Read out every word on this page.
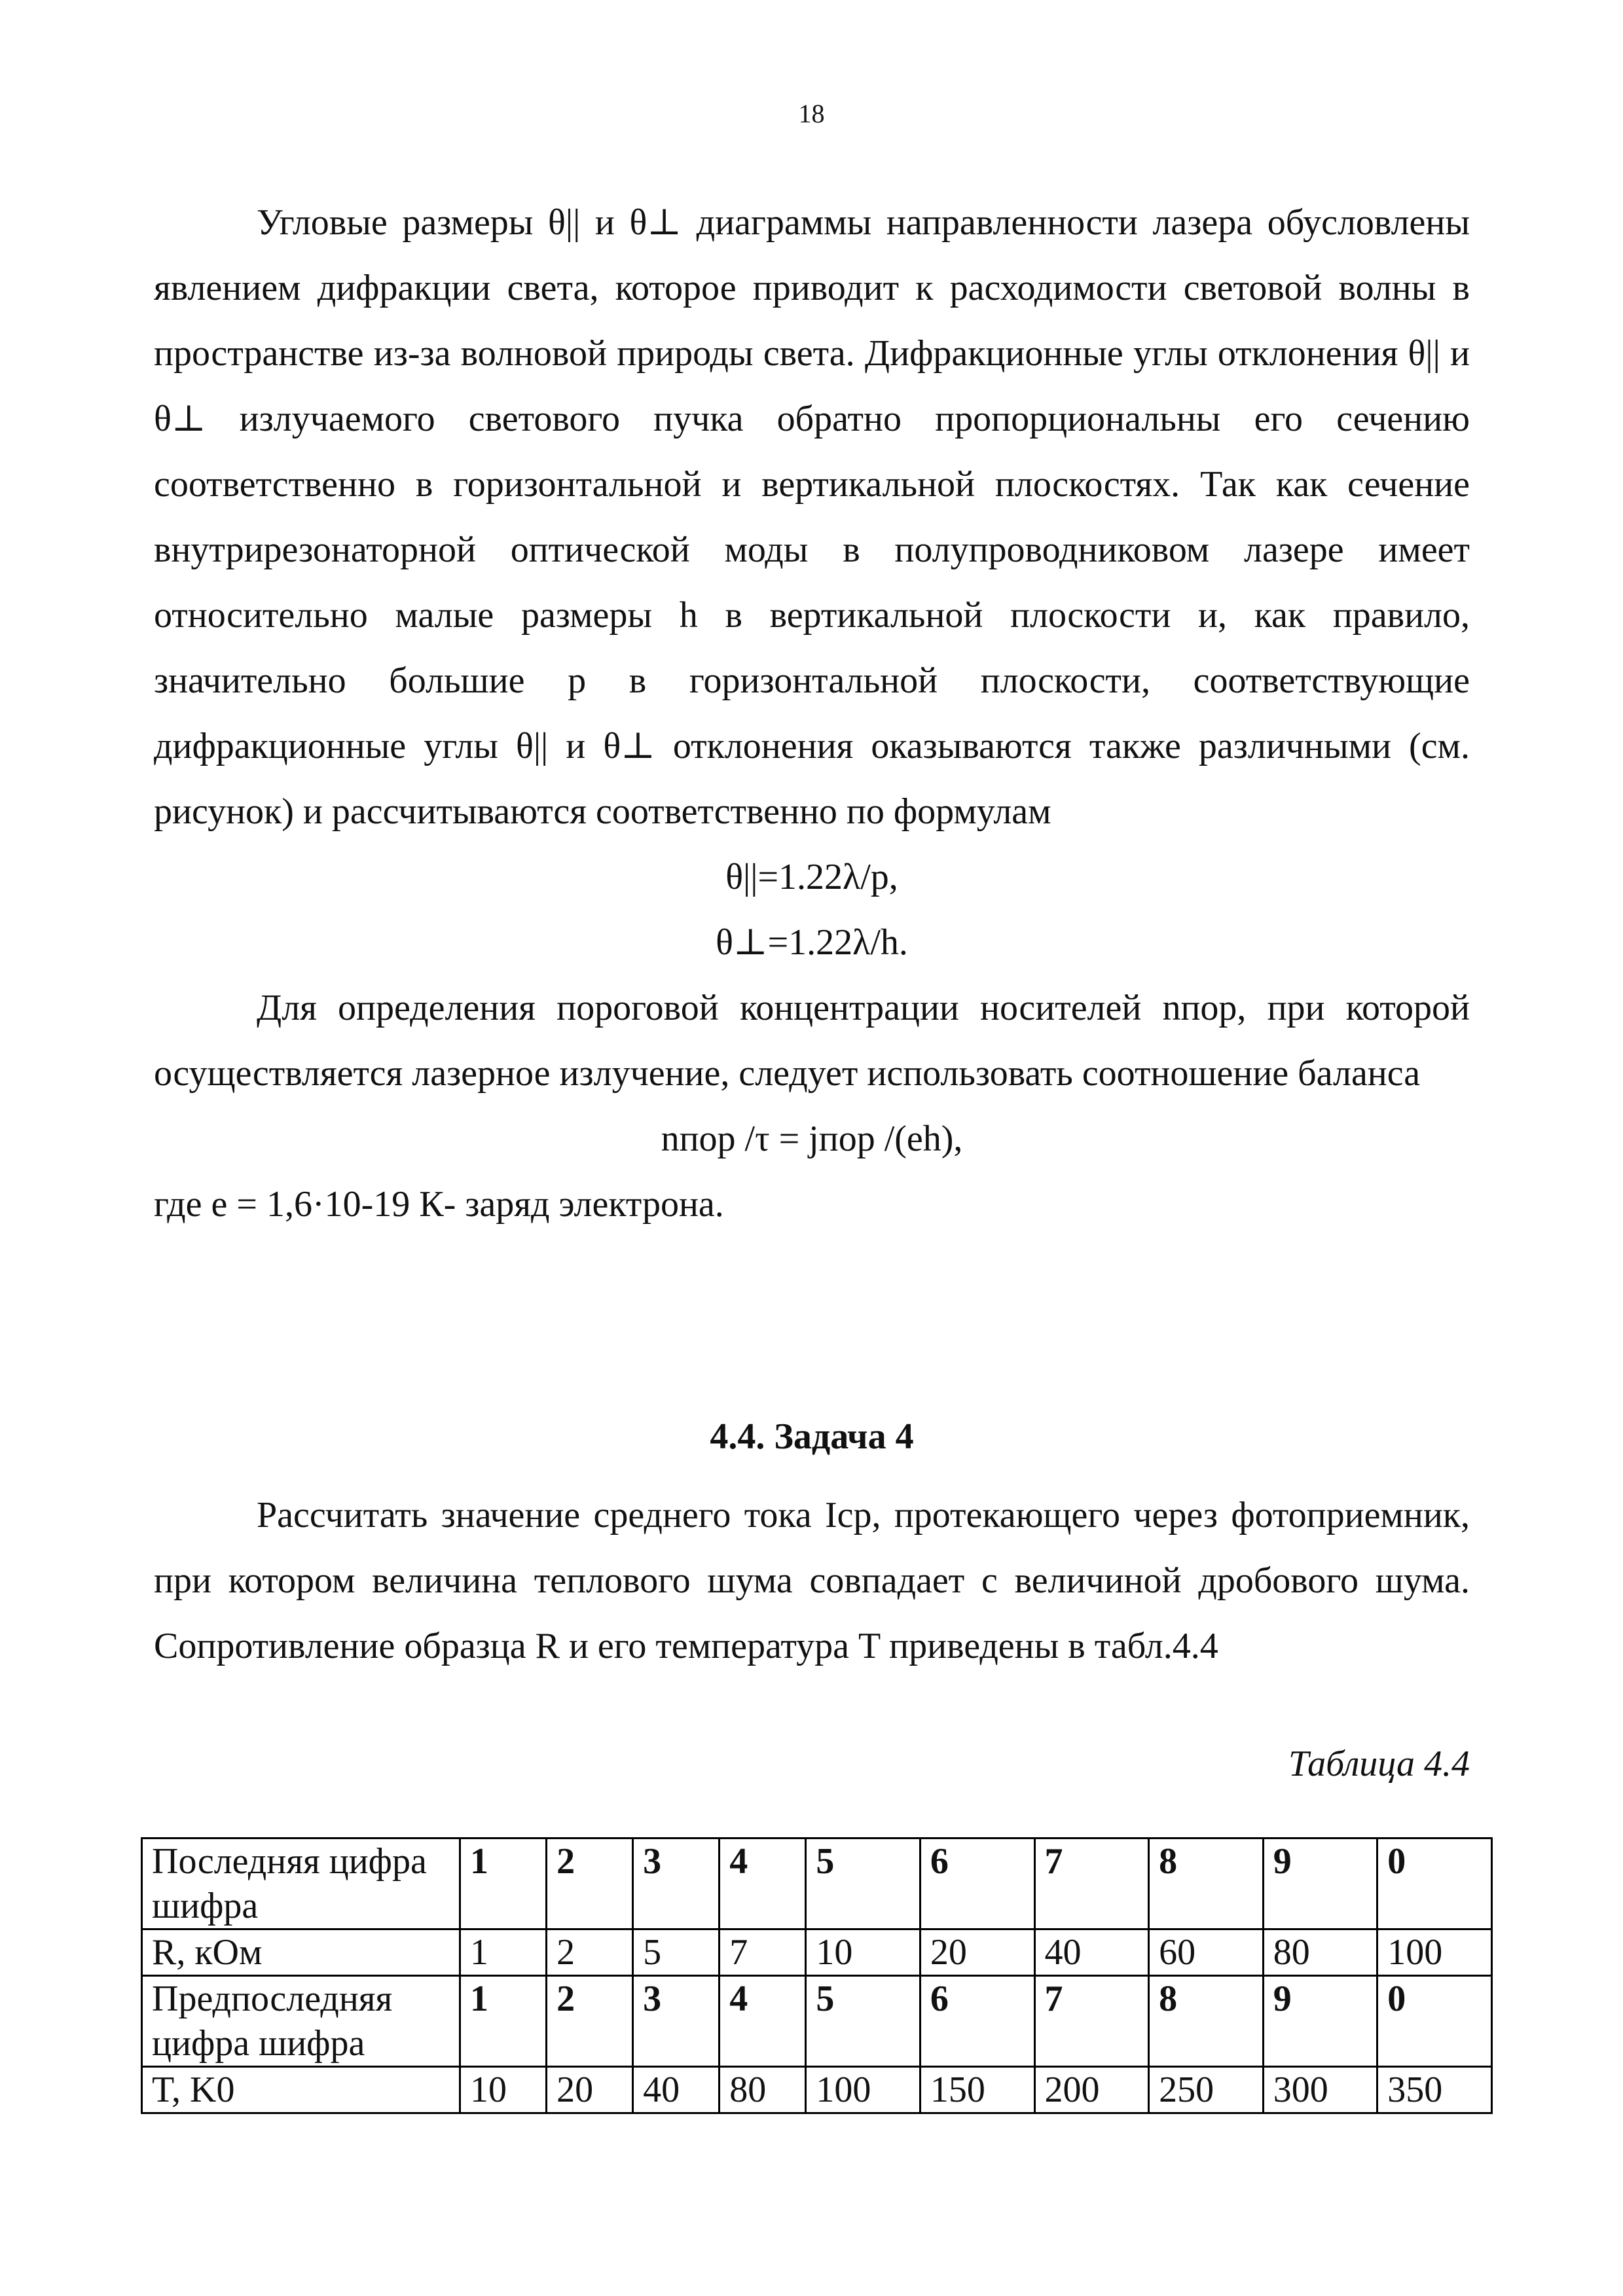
18

Угловые размеры θ|| и θ⊥ диаграммы направленности лазера обусловлены явлением дифракции света, которое приводит к расходимости световой волны в пространстве из-за волновой природы света. Дифракционные углы отклонения θ|| и θ⊥ излучаемого светового пучка обратно пропорциональны его сечению соответственно в горизонтальной и вертикальной плоскостях. Так как сечение внутрирезонаторной оптической моды в полупроводниковом лазере имеет относительно малые размеры h в вертикальной плоскости и, как правило, значительно большие p в горизонтальной плоскости, соответствующие дифракционные углы θ|| и θ⊥ отклонения оказываются также различными (см. рисунок) и рассчитываются соответственно по формулам

θ||=1.22λ/p,

θ⊥=1.22λ/h.

Для определения пороговой концентрации носителей nпор, при которой осуществляется лазерное излучение, следует использовать соотношение баланса

nпор /τ = jпор /(eh),

где e = 1,6·10-19 К- заряд электрона.

4.4. Задача 4

Рассчитать значение среднего тока Iср, протекающего через фотоприемник, при котором величина теплового шума совпадает с величиной дробового шума. Сопротивление образца R и его температура T приведены в табл.4.4

Таблица 4.4

Последняя цифра шифра	1	2	3	4	5	6	7	8	9	0
R, кОм	1	2	5	7	10	20	40	60	80	100
Предпоследняя цифра шифра	1	2	3	4	5	6	7	8	9	0
T, K0	10	20	40	80	100	150	200	250	300	350
